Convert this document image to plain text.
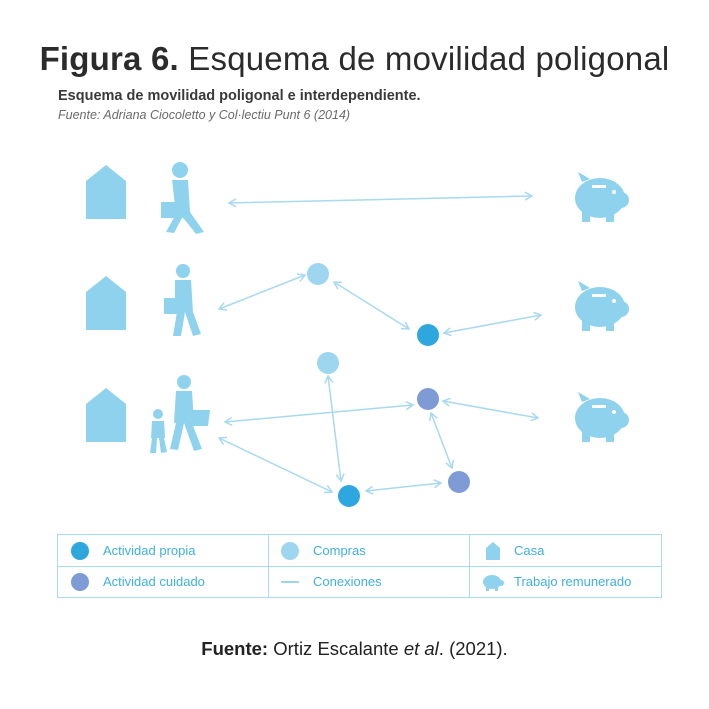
Figura 6. Esquema de movilidad poligonal
Esquema de movilidad poligonal e interdependiente.
Fuente: Adriana Ciocoletto y Col·lectiu Punt 6 (2014)
Actividad propia
Actividad cuidado
Compras
Conexiones
Casa
Trabajo remunerado
Fuente: Ortiz Escalante et al. (2021).
